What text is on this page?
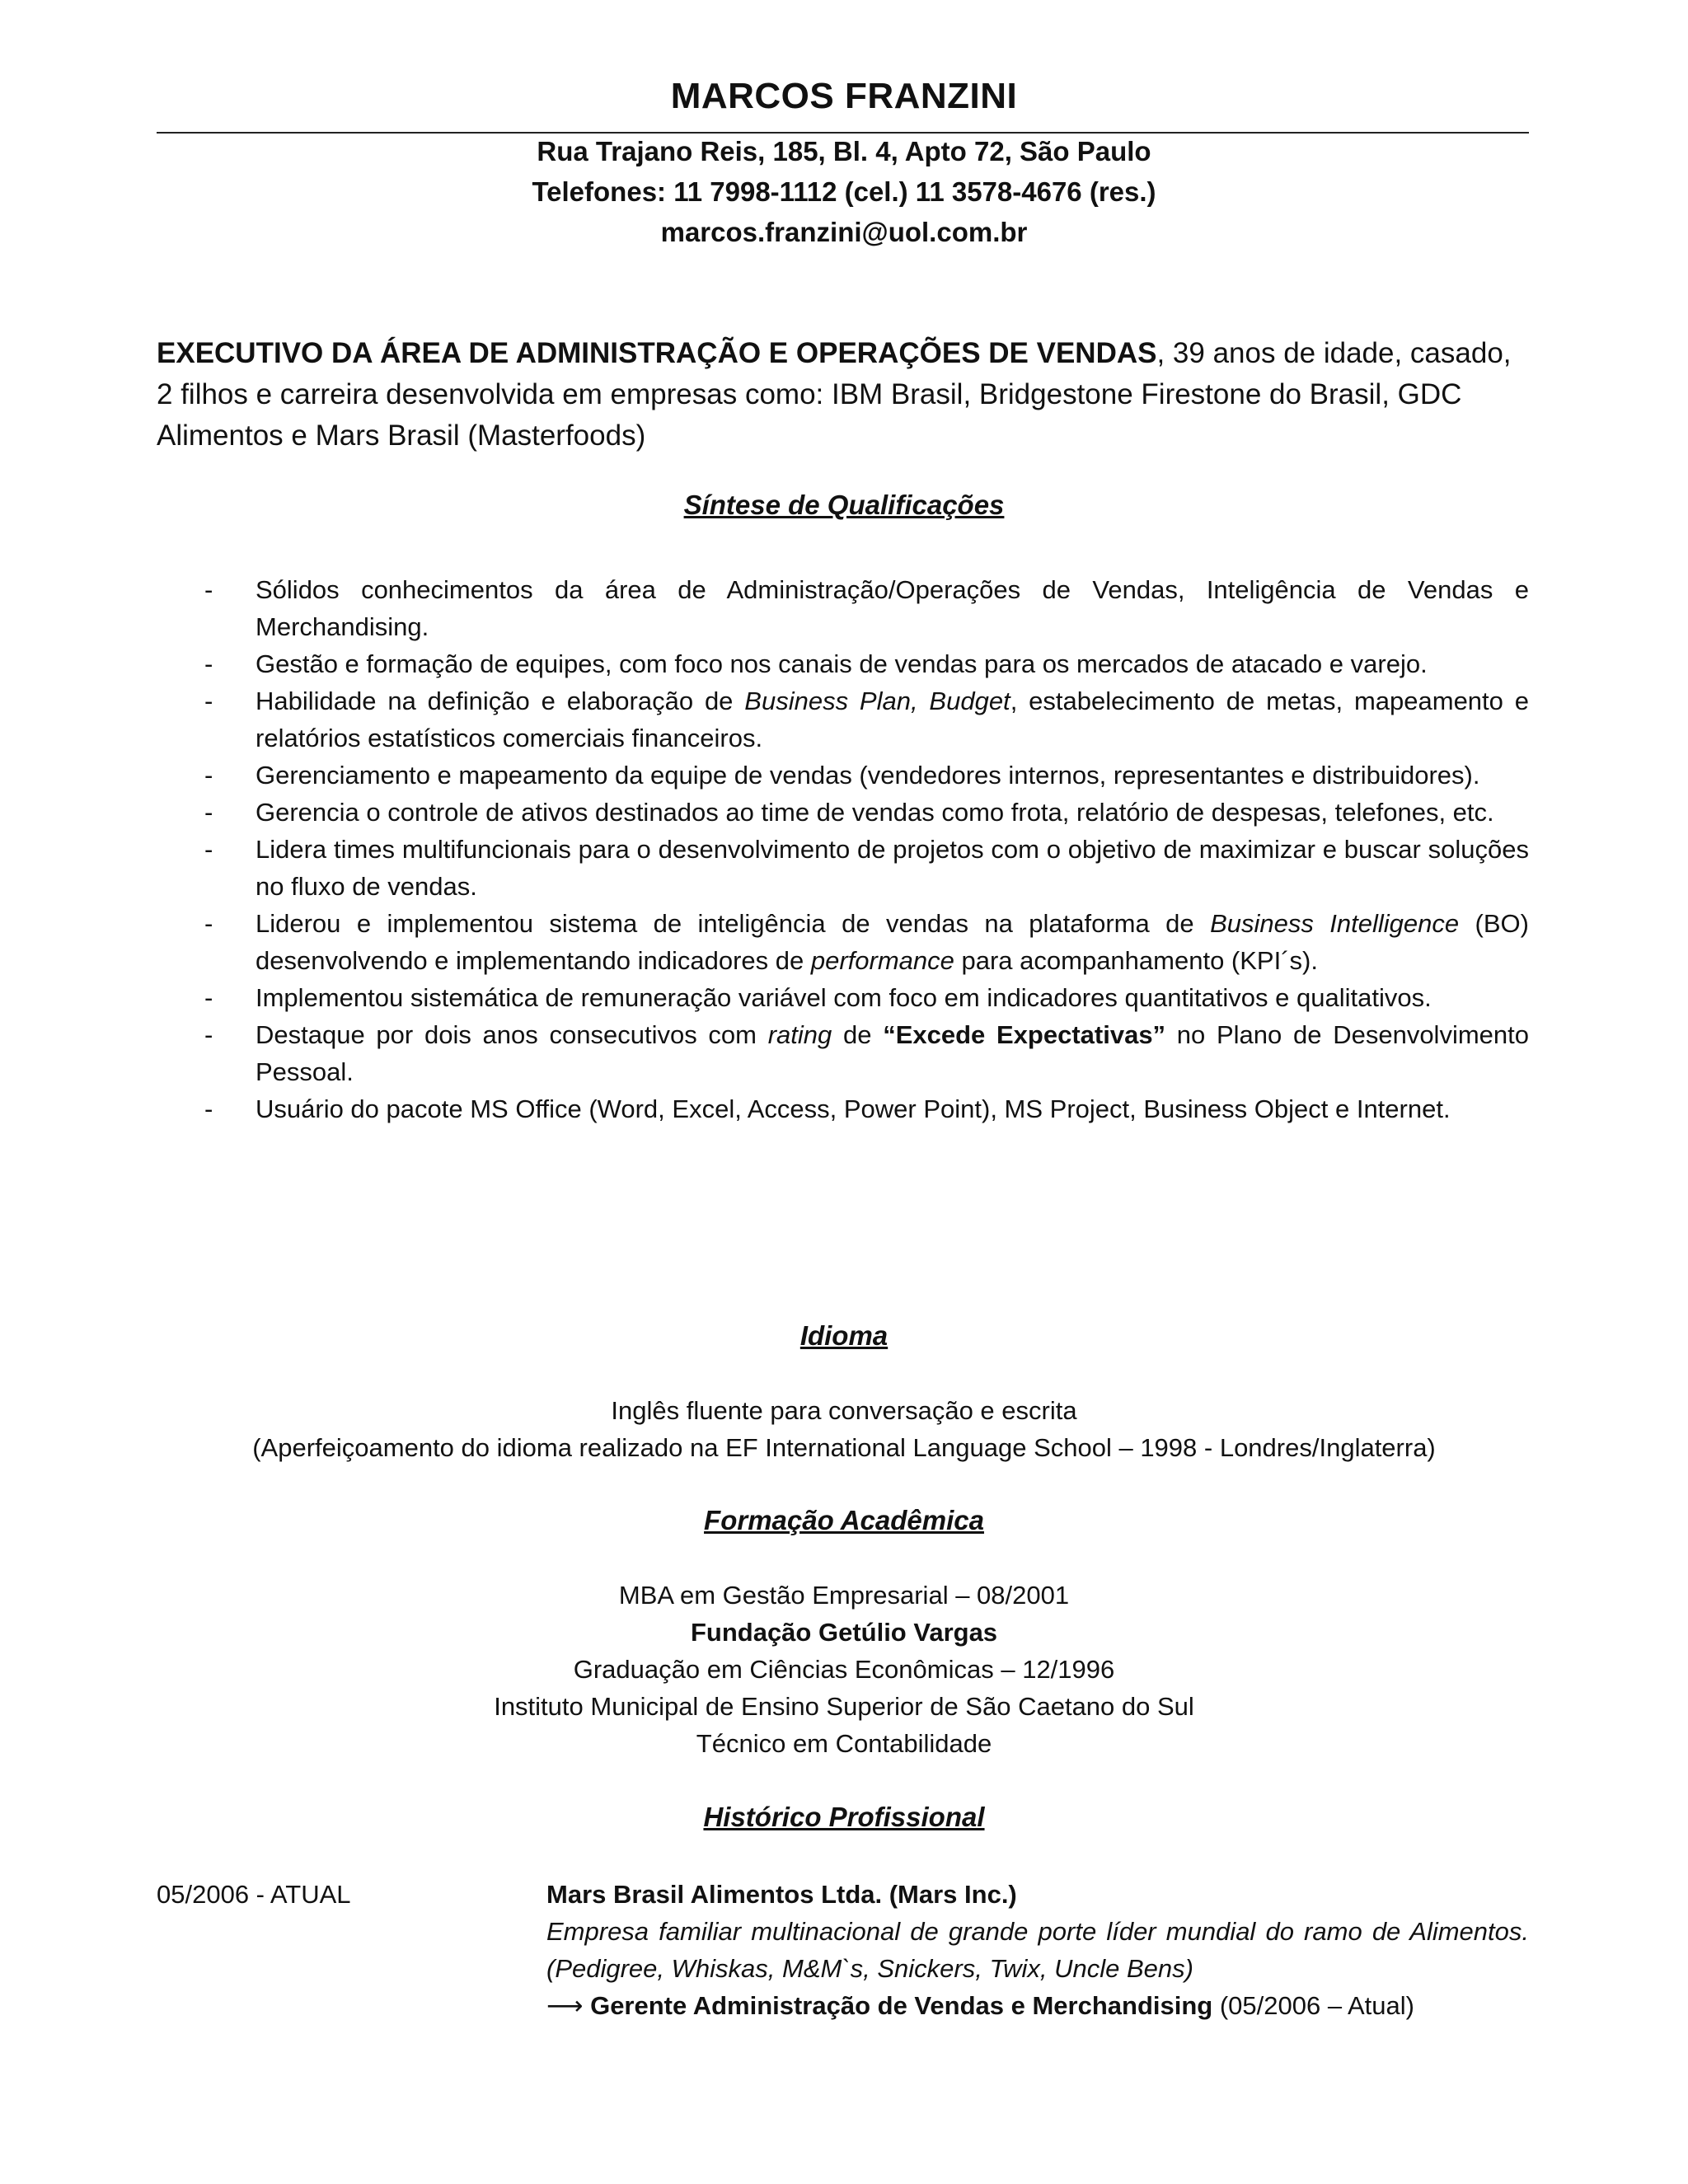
MARCOS FRANZINI
Rua Trajano Reis, 185, Bl. 4, Apto 72, São Paulo
Telefones: 11 7998-1112 (cel.) 11 3578-4676 (res.)
marcos.franzini@uol.com.br
EXECUTIVO DA ÁREA DE ADMINISTRAÇÃO E OPERAÇÕES DE VENDAS, 39 anos de idade, casado, 2 filhos e carreira desenvolvida em empresas como: IBM Brasil, Bridgestone Firestone do Brasil, GDC Alimentos e Mars Brasil (Masterfoods)
Síntese de Qualificações
- Sólidos conhecimentos da área de Administração/Operações de Vendas, Inteligência de Vendas e Merchandising.
- Gestão e formação de equipes, com foco nos canais de vendas para os mercados de atacado e varejo.
- Habilidade na definição e elaboração de Business Plan, Budget, estabelecimento de metas, mapeamento e relatórios estatísticos comerciais financeiros.
- Gerenciamento e mapeamento da equipe de vendas (vendedores internos, representantes e distribuidores).
- Gerencia o controle de ativos destinados ao time de vendas como frota, relatório de despesas, telefones, etc.
- Lidera times multifuncionais para o desenvolvimento de projetos com o objetivo de maximizar e buscar soluções no fluxo de vendas.
- Liderou e implementou sistema de inteligência de vendas na plataforma de Business Intelligence (BO) desenvolvendo e implementando indicadores de performance para acompanhamento (KPI´s).
- Implementou sistemática de remuneração variável com foco em indicadores quantitativos e qualitativos.
- Destaque por dois anos consecutivos com rating de “Excede Expectativas” no Plano de Desenvolvimento Pessoal.
- Usuário do pacote MS Office (Word, Excel, Access, Power Point), MS Project, Business Object e Internet.
Idioma
Inglês fluente para conversação e escrita
(Aperfeiçoamento do idioma realizado na EF International Language School – 1998 - Londres/Inglaterra)
Formação Acadêmica
MBA em Gestão Empresarial – 08/2001
Fundação Getúlio Vargas
Graduação em Ciências Econômicas – 12/1996
Instituto Municipal de Ensino Superior de São Caetano do Sul
Técnico em Contabilidade
Histórico Profissional
05/2006 - ATUAL	Mars Brasil Alimentos Ltda. (Mars Inc.)
Empresa familiar multinacional de grande porte líder mundial do ramo de Alimentos. (Pedigree, Whiskas, M&M`s, Snickers, Twix, Uncle Bens)
⟶ Gerente Administração de Vendas e Merchandising (05/2006 – Atual)
